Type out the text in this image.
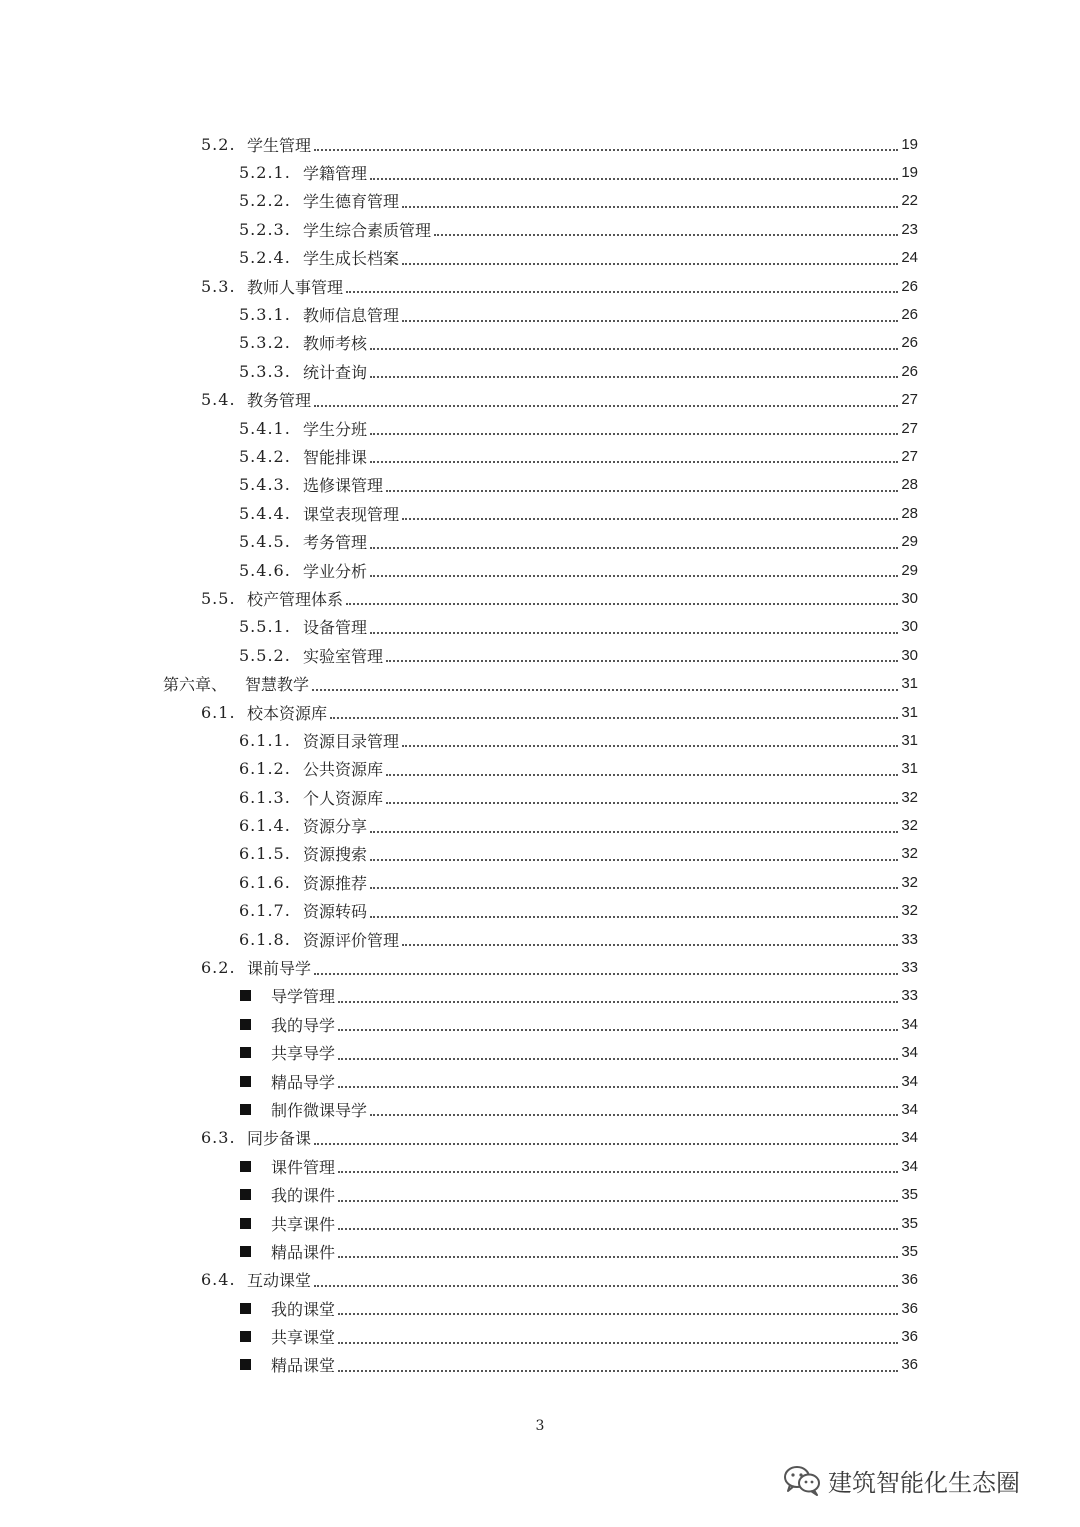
5.2. 学生管理	19
5.2.1. 学籍管理	19
5.2.2. 学生德育管理	22
5.2.3. 学生综合素质管理	23
5.2.4. 学生成长档案	24
5.3. 教师人事管理	26
5.3.1. 教师信息管理	26
5.3.2. 教师考核	26
5.3.3. 统计查询	26
5.4. 教务管理	27
5.4.1. 学生分班	27
5.4.2. 智能排课	27
5.4.3. 选修课管理	28
5.4.4. 课堂表现管理	28
5.4.5. 考务管理	29
5.4.6. 学业分析	29
5.5. 校产管理体系	30
5.5.1. 设备管理	30
5.5.2. 实验室管理	30
第六章、	智慧教学	31
6.1. 校本资源库	31
6.1.1. 资源目录管理	31
6.1.2. 公共资源库	31
6.1.3. 个人资源库	32
6.1.4. 资源分享	32
6.1.5. 资源搜索	32
6.1.6. 资源推荐	32
6.1.7. 资源转码	32
6.1.8. 资源评价管理	33
6.2. 课前导学	33
导学管理	33
我的导学	34
共享导学	34
精品导学	34
制作微课导学	34
6.3. 同步备课	34
课件管理	34
我的课件	35
共享课件	35
精品课件	35
6.4. 互动课堂	36
我的课堂	36
共享课堂	36
精品课堂	36
3
建筑智能化生态圈
